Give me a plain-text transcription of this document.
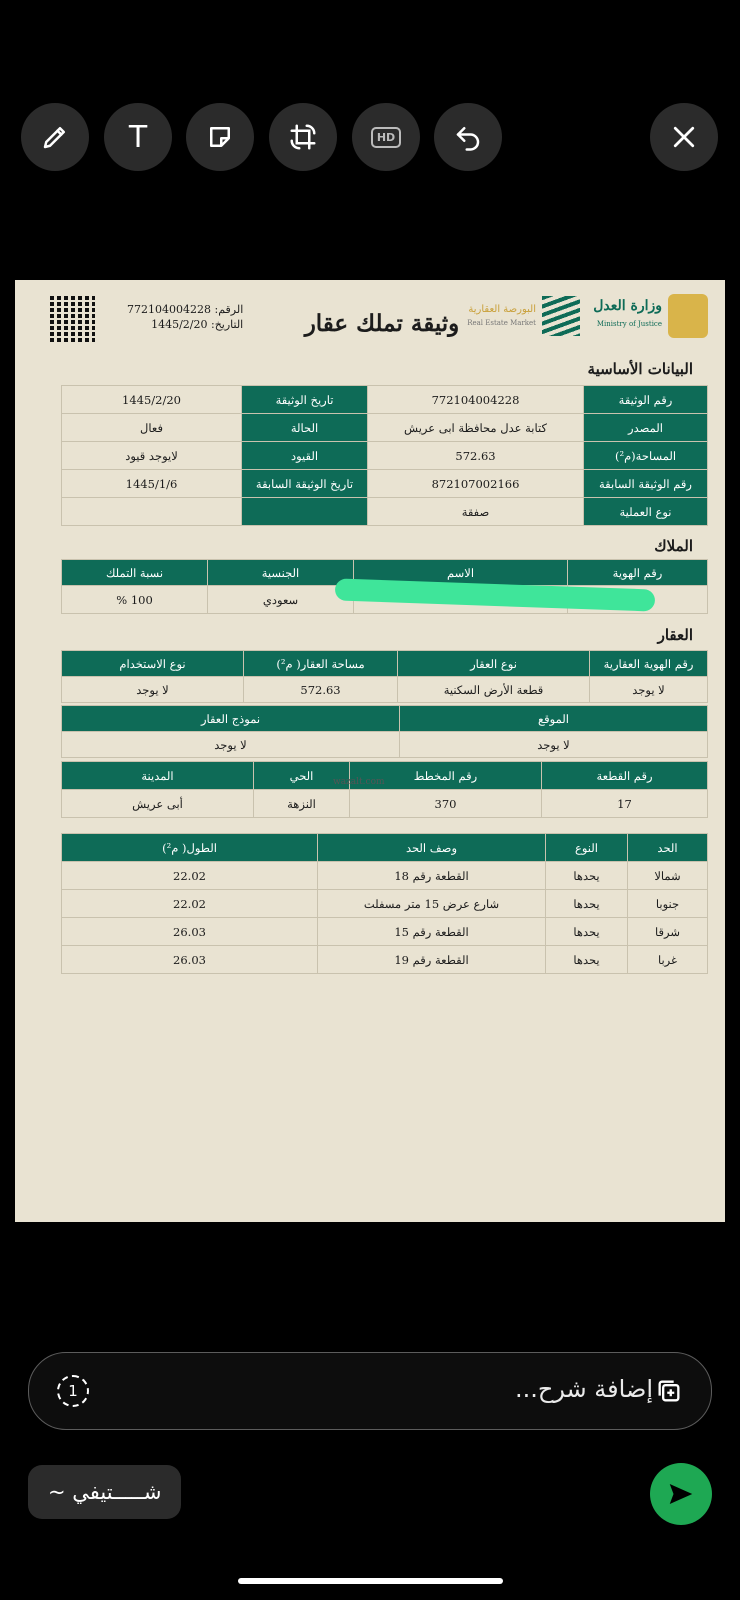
T	HD
وزارة العدل
Ministry of Justice
البورصة العقارية
Real Estate Market
وثيقة تملك عقار
الرقم: 772104004228
التاريخ: 1445/2/20
البيانات الأساسية
رقم الوثيقة	772104004228	تاريخ الوثيقة	1445/2/20
المصدر	كتابة عدل محافظة ابى عريش	الحالة	فعال
المساحة(م²)	572.63	القيود	لايوجد قيود
رقم الوثيقة السابقة	872107002166	تاريخ الوثيقة السابقة	1445/1/6
نوع العملية	صفقة		
الملاك
رقم الهوية	الاسم	الجنسية	نسبة التملك
		سعودي	100 %
العقار
رقم الهوية العقارية	نوع العقار	مساحة العقار( م²)	نوع الاستخدام
لا يوجد	قطعة الأرض السكنية	572.63	لا يوجد
الموقع	نموذج العقار
لا يوجد	لا يوجد
رقم القطعة	رقم المخطط	الحي	المدينة
17	370	النزهة	أبى عريش
wazalt.com
الحد	النوع	وصف الحد	الطول( م²)
شمالا	يحدها	القطعة رقم 18	22.02
جنوبا	يحدها	شارع عرض 15 متر مسفلت	22.02
شرقا	يحدها	القطعة رقم 15	26.03
غربا	يحدها	القطعة رقم 19	26.03
إضافة شرح...
1
~ شـــــتيفي
